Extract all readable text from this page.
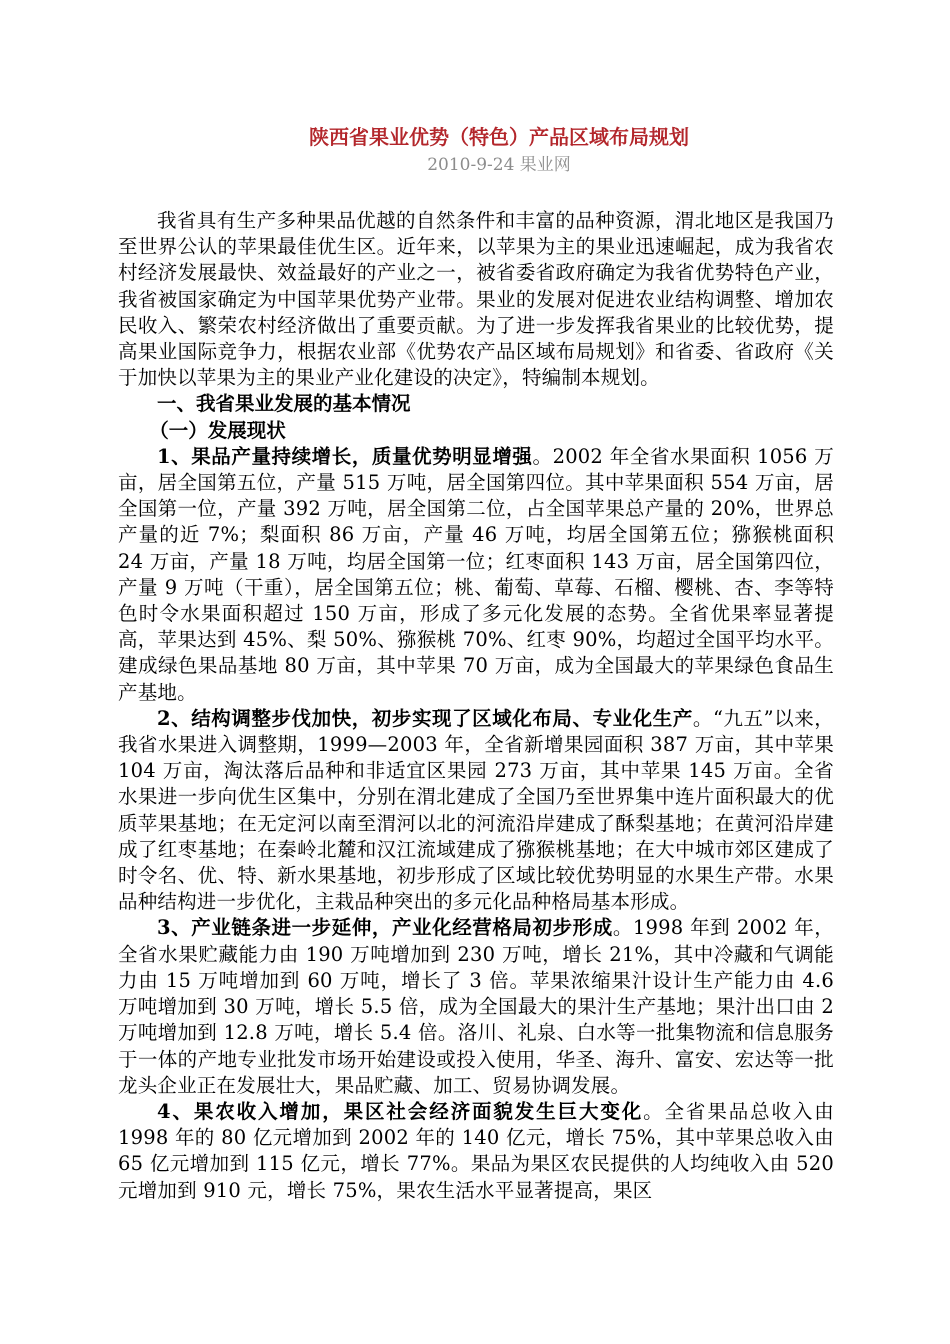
陕西省果业优势（特色）产品区域布局规划
2010-9-24 果业网

我省具有生产多种果品优越的自然条件和丰富的品种资源，渭北地区是我国乃至世界公认的苹果最佳优生区。近年来，以苹果为主的果业迅速崛起，成为我省农村经济发展最快、效益最好的产业之一，被省委省政府确定为我省优势特色产业，我省被国家确定为中国苹果优势产业带。果业的发展对促进农业结构调整、增加农民收入、繁荣农村经济做出了重要贡献。为了进一步发挥我省果业的比较优势，提高果业国际竞争力，根据农业部《优势农产品区域布局规划》和省委、省政府《关于加快以苹果为主的果业产业化建设的决定》，特编制本规划。

一、我省果业发展的基本情况
（一）发展现状

1、果品产量持续增长，质量优势明显增强。2002 年全省水果面积 1056 万亩，居全国第五位，产量 515 万吨，居全国第四位。其中苹果面积 554 万亩，居全国第一位，产量 392 万吨，居全国第二位，占全国苹果总产量的 20%，世界总产量的近 7%；梨面积 86 万亩，产量 46 万吨，均居全国第五位；猕猴桃面积 24 万亩，产量 18 万吨，均居全国第一位；红枣面积 143 万亩，居全国第四位，产量 9 万吨（干重），居全国第五位；桃、葡萄、草莓、石榴、樱桃、杏、李等特色时令水果面积超过 150 万亩，形成了多元化发展的态势。全省优果率显著提高，苹果达到 45%、梨 50%、猕猴桃 70%、红枣 90%，均超过全国平均水平。建成绿色果品基地 80 万亩，其中苹果 70 万亩，成为全国最大的苹果绿色食品生产基地。

2、结构调整步伐加快，初步实现了区域化布局、专业化生产。“九五”以来，我省水果进入调整期，1999—2003 年，全省新增果园面积 387 万亩，其中苹果 104 万亩，淘汰落后品种和非适宜区果园 273 万亩，其中苹果 145 万亩。全省水果进一步向优生区集中，分别在渭北建成了全国乃至世界集中连片面积最大的优质苹果基地；在无定河以南至渭河以北的河流沿岸建成了酥梨基地；在黄河沿岸建成了红枣基地；在秦岭北麓和汉江流域建成了猕猴桃基地；在大中城市郊区建成了时令名、优、特、新水果基地，初步形成了区域比较优势明显的水果生产带。水果品种结构进一步优化，主栽品种突出的多元化品种格局基本形成。

3、产业链条进一步延伸，产业化经营格局初步形成。1998 年到 2002 年，全省水果贮藏能力由 190 万吨增加到 230 万吨，增长 21%，其中冷藏和气调能力由 15 万吨增加到 60 万吨，增长了 3 倍。苹果浓缩果汁设计生产能力由 4.6 万吨增加到 30 万吨，增长 5.5 倍，成为全国最大的果汁生产基地；果汁出口由 2 万吨增加到 12.8 万吨，增长 5.4 倍。洛川、礼泉、白水等一批集物流和信息服务于一体的产地专业批发市场开始建设或投入使用，华圣、海升、富安、宏达等一批龙头企业正在发展壮大，果品贮藏、加工、贸易协调发展。

4、果农收入增加，果区社会经济面貌发生巨大变化。全省果品总收入由 1998 年的 80 亿元增加到 2002 年的 140 亿元，增长 75%，其中苹果总收入由 65 亿元增加到 115 亿元，增长 77%。果品为果区农民提供的人均纯收入由 520 元增加到 910 元，增长 75%，果农生活水平显著提高，果区
